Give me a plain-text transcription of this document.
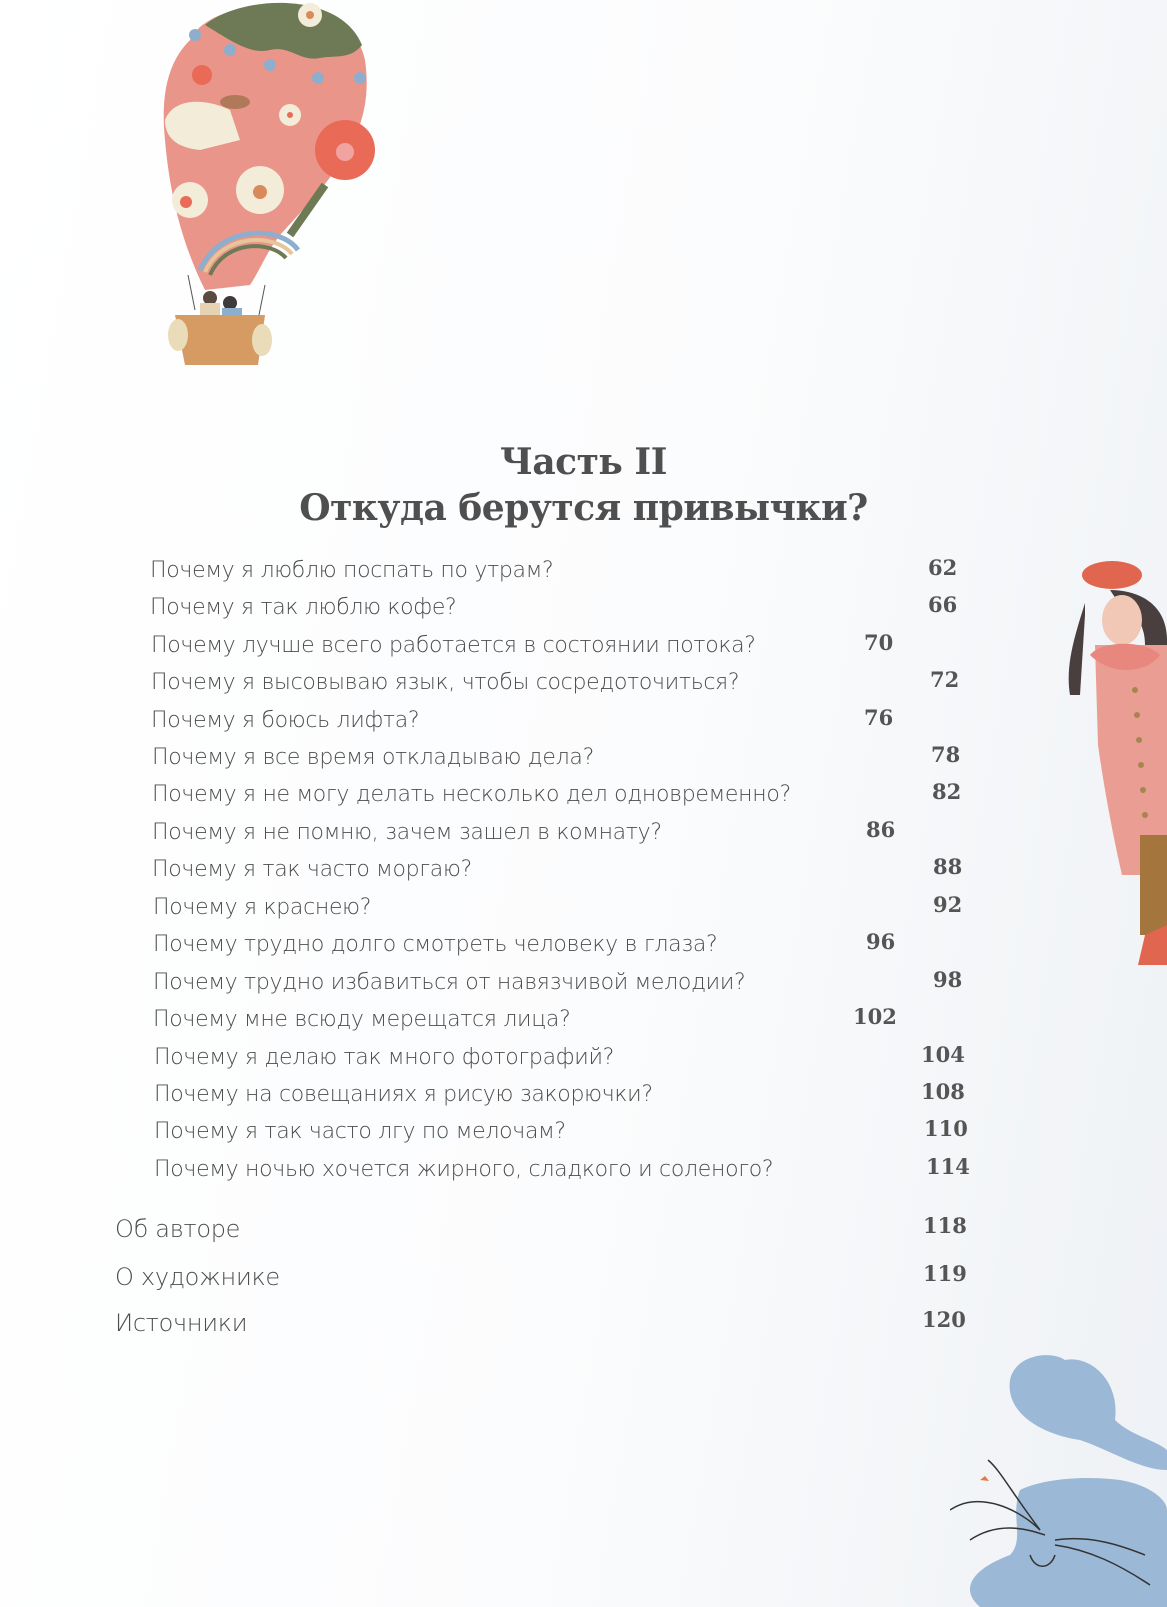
Часть II
Откуда берутся привычки?
Почему я люблю поспать по утрам?	62
Почему я так люблю кофе?	66
Почему лучше всего работается в состоянии потока?	70
Почему я высовываю язык, чтобы сосредоточиться?	72
Почему я боюсь лифта?	76
Почему я все время откладываю дела?	78
Почему я не могу делать несколько дел одновременно?	82
Почему я не помню, зачем зашел в комнату?	86
Почему я так часто моргаю?	88
Почему я краснею?	92
Почему трудно долго смотреть человеку в глаза?	96
Почему трудно избавиться от навязчивой мелодии?	98
Почему мне всюду мерещатся лица?	102
Почему я делаю так много фотографий?	104
Почему на совещаниях я рисую закорючки?	108
Почему я так часто лгу по мелочам?	110
Почему ночью хочется жирного, сладкого и соленого?	114
Об авторе	118
О художнике	119
Источники	120
